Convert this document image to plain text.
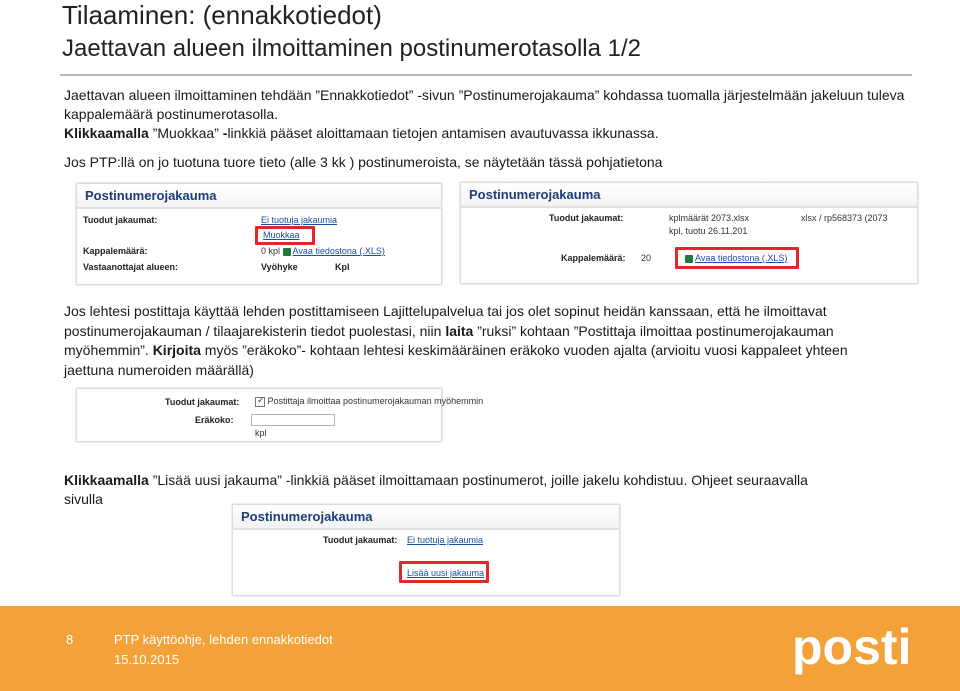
Tilaaminen: (ennakkotiedot)
Jaettavan alueen ilmoittaminen postinumerotasolla 1/2

Jaettavan alueen ilmoittaminen tehdään ”Ennakkotiedot” -sivun ”Postinumerojakauma” kohdassa tuomalla järjestelmään jakeluun tuleva kappalemäärä postinumerotasolla.
Klikkaamalla ”Muokkaa” -linkkiä pääset aloittamaan tietojen antamisen avautuvassa ikkunassa.

Jos PTP:llä on jo tuotuna tuore tieto (alle 3 kk ) postinumeroista, se näytetään tässä pohjatietona

Postinumerojakauma
Tuodut jakaumat:	Ei tuotuja jakaumia
Muokkaa
Kappalemäärä:	0 kpl Avaa tiedostona (.XLS)
Vastaanottajat alueen:	Vyöhyke	Kpl
Postinumerojakauma
Tuodut jakaumat:	kplmäärät 2073.xlsx	xlsx / rp568373 (2073
kpl, tuotu 26.11.201
Kappalemäärä: 20	Avaa tiedostona (.XLS)

Jos lehtesi postittaja käyttää lehden postittamiseen Lajittelupalvelua tai jos olet sopinut heidän kanssaan, että he ilmoittavat postinumerojakauman / tilaajarekisterin tiedot puolestasi, niin laita ”ruksi” kohtaan ”Postittaja ilmoittaa postinumerojakauman myöhemmin”. Kirjoita myös ”eräkoko”- kohtaan lehtesi keskimääräinen eräkoko vuoden ajalta (arvioitu vuosi kappaleet yhteen jaettuna numeroiden määrällä)

Tuodut jakaumat: ✓ Postittaja ilmoittaa postinumerojakauman myöhemmin
Eräkoko:
kpl

Klikkaamalla ”Lisää uusi jakauma” -linkkiä pääset ilmoittamaan postinumerot, joille jakelu kohdistuu. Ohjeet seuraavalla sivulla

Postinumerojakauma
Tuodut jakaumat: Ei tuotuja jakaumia
Lisää uusi jakauma
8	PTP käyttöohje, lehden ennakkotiedot
15.10.2015	posti
